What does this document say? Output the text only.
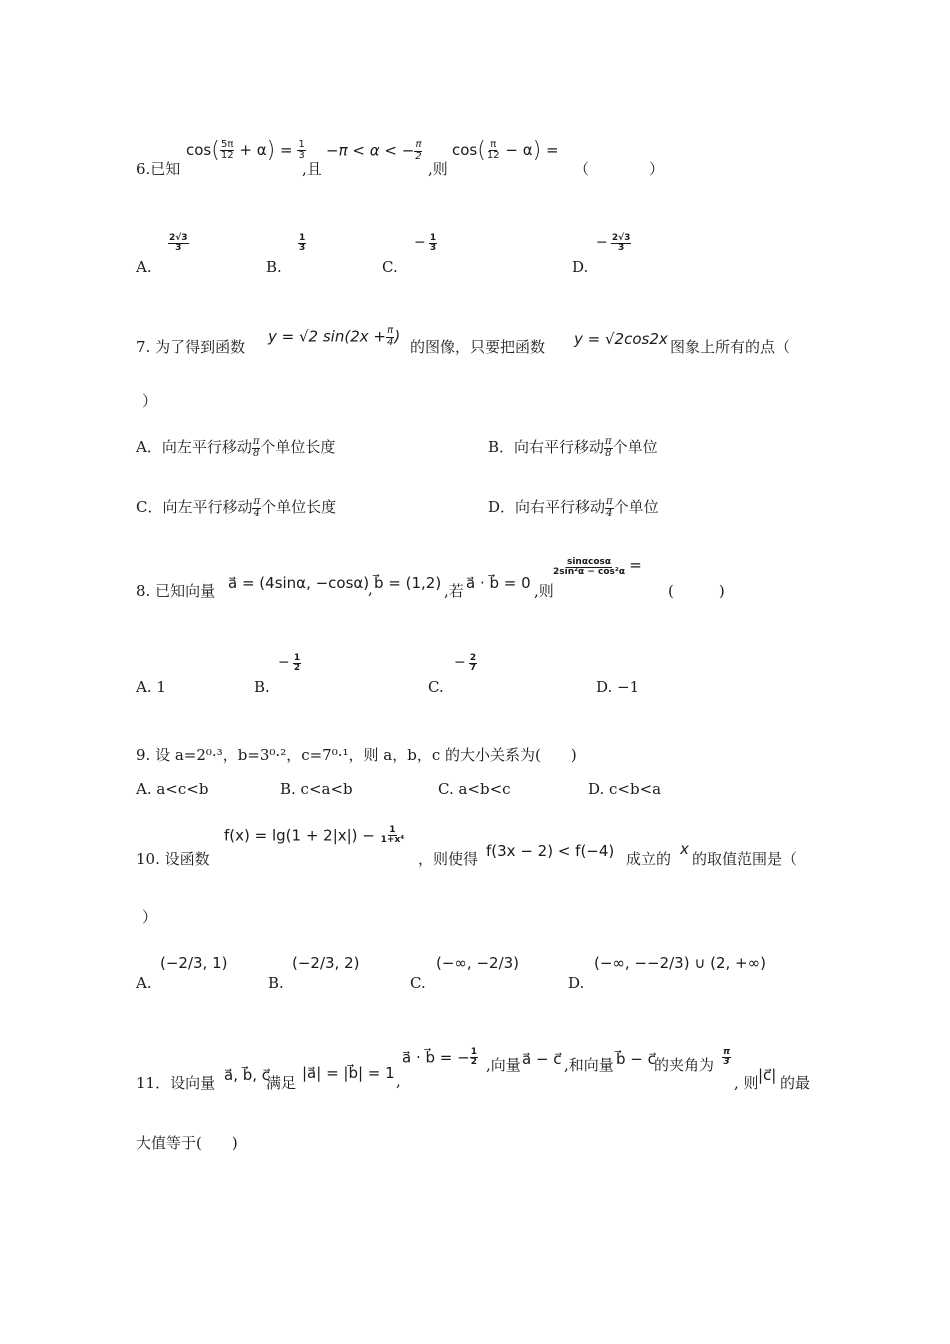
6.已知
$\cos( \frac{5\pi}{12} + \alpha) = \frac{1}{3}$
,且
−π < α < − $\frac{\pi}{2}$
,则
$\cos( \frac{\pi}{12} - \alpha)$ =
（　　　　）
A.
$\frac{2√3}{3}$
B.
$\frac{1}{3}$
C.
− $\frac{1}{3}$
D.
− $\frac{2√3}{3}$
7. 为了得到函数
y = √2 $\sin(2x + \frac{\pi}{4}$ )
的图像，只要把函数 y = √2cos2x 图象上所有的点（
）
A．向左平行移动 $\frac{\pi}{8}$ 个单位长度	B．向右平行移动 $\frac{\pi}{8}$ 个单位
C．向左平行移动 $\frac{\pi}{4}$ 个单位长度	D．向右平行移动 $\frac{\pi}{4}$ 个单位
8. 已知向量 a⃗ = (4sinα, −cosα)
, b⃗ = (1,2) ,若 a⃗ · b⃗ = 0 ,则
$\frac{\sin\alpha\cos\alpha}{\text{2sin²α − cos²α}}$ =
(　　　)
A. 1	B.
− $\frac{1}{2}$
C.
− $\frac{2}{7}$
D. −1
9. 设 a=2⁰·³，b=3⁰·²，c=7⁰·¹，则 a，b，c 的大小关系为(　　)
A. a<c<b	B. c<a<b	C. a<b<c	D. c<b<a
10. 设函数
$f(x) = \lg(1 + 2|x|) - \frac{1}{\text{1+x⁴}}$
，则使得 f(3x − 2) < f(−4) 成立的
x
的取值范围是（
）
A.
(−2/3, 1)
B.
(−2/3, 2)
C.
(−∞, −2/3)
D.
(−∞, −−2/3) ∪ (2, +∞)
11．设向量 a⃗, b⃗, c⃗
满足
|a⃗| = |b⃗| = 1 ,
a⃗ · b⃗ = − $\frac{1}{2}$ ,向量 a⃗ − c⃗ ,和向量 b⃗ − c⃗
的夹角为 $\frac{\pi}{3}$
, 则 |c⃗| 的最
大值等于(　　)
